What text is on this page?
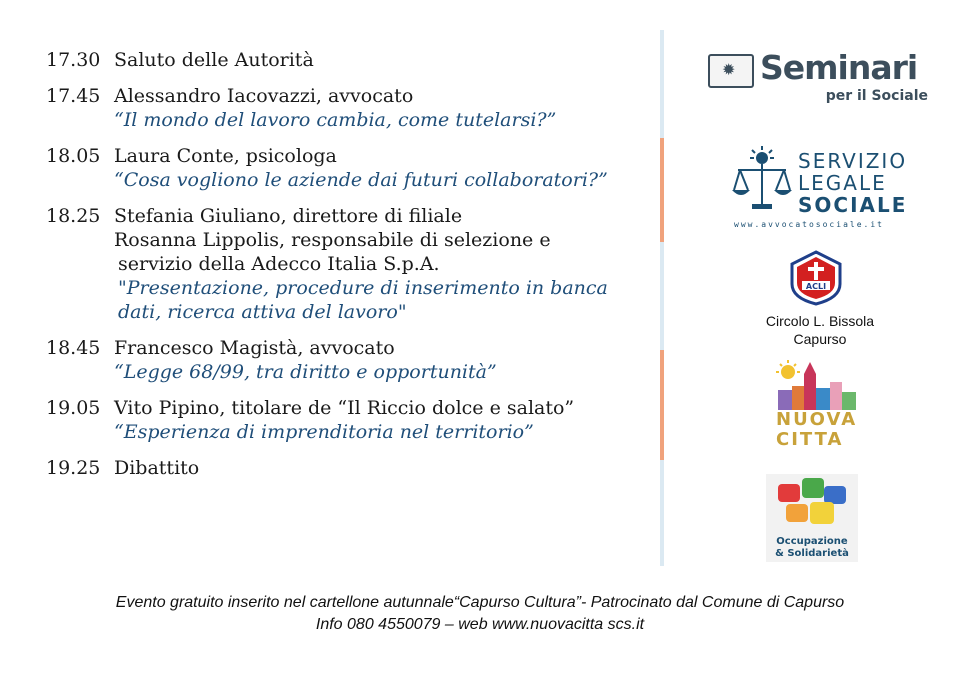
17.30 Saluto delle Autorità
17.45 Alessandro Iacovazzi, avvocato
“Il mondo del lavoro cambia, come tutelarsi?”
18.05 Laura Conte, psicologa
“Cosa vogliono le aziende dai futuri collaboratori?”
18.25 Stefania Giuliano, direttore di filiale
Rosanna Lippolis, responsabile di selezione e
servizio della Adecco Italia S.p.A.
"Presentazione, procedure di inserimento in banca
dati, ricerca attiva del lavoro"
18.45 Francesco Magistà, avvocato
“Legge 68/99, tra diritto e opportunità”
19.05 Vito Pipino, titolare de “Il Riccio dolce e salato”
“Esperienza di imprenditoria nel territorio”
19.25 Dibattito
✹ Seminari
per il Sociale
SERVIZIO
LEGALE
SOCIALE
www.avvocatosociale.it
ACLI
Circolo L. Bissola
Capurso
NUOVA
CITTA
Occupazione
& Solidarietà
Evento gratuito inserito nel cartellone autunnale“Capurso Cultura”- Patrocinato dal Comune di Capurso
Info 080 4550079 – web www.nuovacitta scs.it
